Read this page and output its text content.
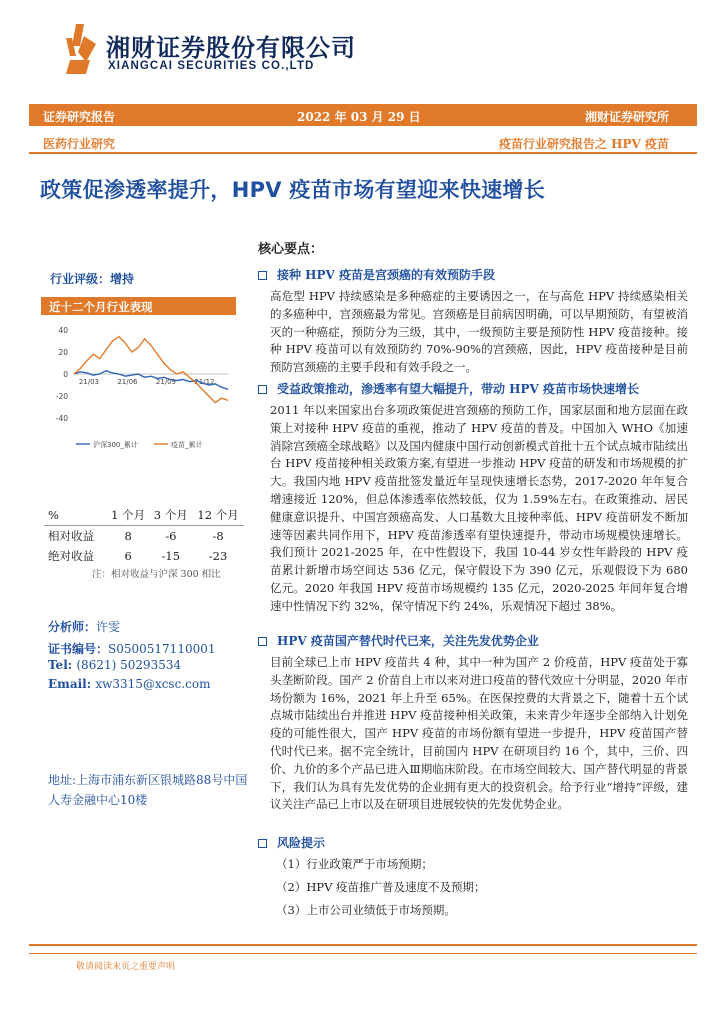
湘财证券股份有限公司
XIANGCAI SECURITIES CO.,LTD
证券研究报告	2022 年 03 月 29 日	湘财证券研究所
医药行业研究	疫苗行业研究报告之 HPV 疫苗
政策促渗透率提升，HPV 疫苗市场有望迎来快速增长
行业评级：增持
近十二个月行业表现
40
20
0
-20
-40
21/03	21/06	21/09	21/12
沪深300_累计	疫苗_累计
%	1 个月	3 个月	12 个月
相对收益	8	-6	-8
绝对收益	6	-15	-23
注：相对收益与沪深 300 相比
分析师：许雯
证书编号：S0500517110001
Tel: (8621) 50293534
Email: xw3315@xcsc.com
地址:上海市浦东新区银城路88号中国人寿金融中心10楼
核心要点：
接种 HPV 疫苗是宫颈癌的有效预防手段
高危型 HPV 持续感染是多种癌症的主要诱因之一，在与高危 HPV 持续感染相关的多癌种中，宫颈癌最为常见。宫颈癌是目前病因明确，可以早期预防，有望被消灭的一种癌症，预防分为三级，其中，一级预防主要是预防性 HPV 疫苗接种。接种 HPV 疫苗可以有效预防约 70%-90%的宫颈癌，因此，HPV 疫苗接种是目前预防宫颈癌的主要手段和有效手段之一。
受益政策推动，渗透率有望大幅提升，带动 HPV 疫苗市场快速增长
2011 年以来国家出台多项政策促进宫颈癌的预防工作，国家层面和地方层面在政策上对接种 HPV 疫苗的重视，推动了 HPV 疫苗的普及。中国加入 WHO《加速消除宫颈癌全球战略》以及国内健康中国行动创新模式首批十五个试点城市陆续出台 HPV 疫苗接种相关政策方案,有望进一步推动 HPV 疫苗的研发和市场规模的扩大。我国内地 HPV 疫苗批签发量近年呈现快速增长态势，2017-2020 年年复合增速接近 120%，但总体渗透率依然较低，仅为 1.59%左右。在政策推动、居民健康意识提升、中国宫颈癌高发、人口基数大且接种率低、HPV 疫苗研发不断加速等因素共同作用下，HPV 疫苗渗透率有望快速提升，带动市场规模快速增长。我们预计 2021-2025 年，在中性假设下，我国 10-44 岁女性年龄段的 HPV 疫苗累计新增市场空间达 536 亿元，保守假设下为 390 亿元，乐观假设下为 680 亿元。2020 年我国 HPV 疫苗市场规模约 135 亿元，2020-2025 年间年复合增速中性情况下约 32%，保守情况下约 24%，乐观情况下超过 38%。
HPV 疫苗国产替代时代已来，关注先发优势企业
目前全球已上市 HPV 疫苗共 4 种，其中一种为国产 2 价疫苗，HPV 疫苗处于寡头垄断阶段。国产 2 价苗自上市以来对进口疫苗的替代效应十分明显，2020 年市场份额为 16%，2021 年上升至 65%。在医保控费的大背景之下，随着十五个试点城市陆续出台并推进 HPV 疫苗接种相关政策，未来青少年逐步全部纳入计划免疫的可能性很大，国产 HPV 疫苗的市场份额有望进一步提升，HPV 疫苗国产替代时代已来。据不完全统计，目前国内 HPV 在研项目约 16 个，其中，三价、四价、九价的多个产品已进入Ⅲ期临床阶段。在市场空间较大、国产替代明显的背景下，我们认为具有先发优势的企业拥有更大的投资机会。给予行业“增持”评级，建议关注产品已上市以及在研项目进展较快的先发优势企业。
风险提示
（1）行业政策严于市场预期；
（2）HPV 疫苗推广普及速度不及预期；
（3）上市公司业绩低于市场预期。
敬请阅读末页之重要声明
